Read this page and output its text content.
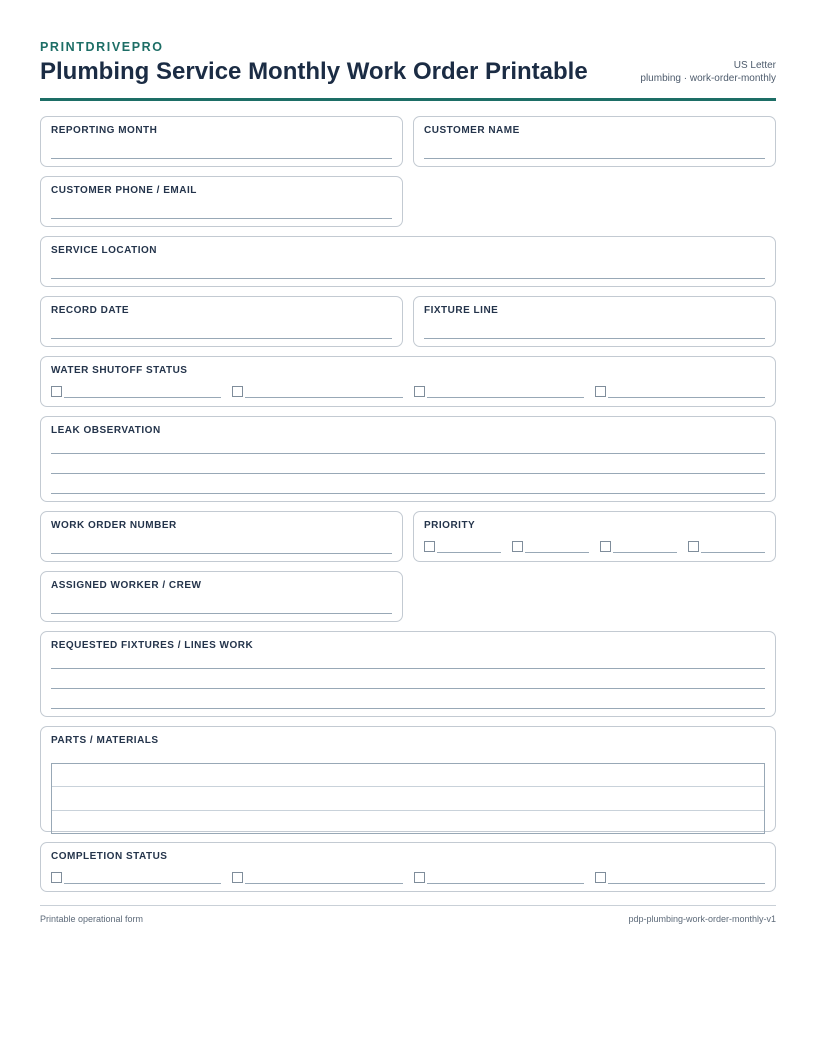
PRINTDRIVEPRO
Plumbing Service Monthly Work Order Printable	US Letter
plumbing · work-order-monthly
REPORTING MONTH	CUSTOMER NAME
CUSTOMER PHONE / EMAIL
SERVICE LOCATION
RECORD DATE	FIXTURE LINE
WATER SHUTOFF STATUS
LEAK OBSERVATION
WORK ORDER NUMBER	PRIORITY
ASSIGNED WORKER / CREW
REQUESTED FIXTURES / LINES WORK
PARTS / MATERIALS
COMPLETION STATUS
Printable operational form	pdp-plumbing-work-order-monthly-v1
